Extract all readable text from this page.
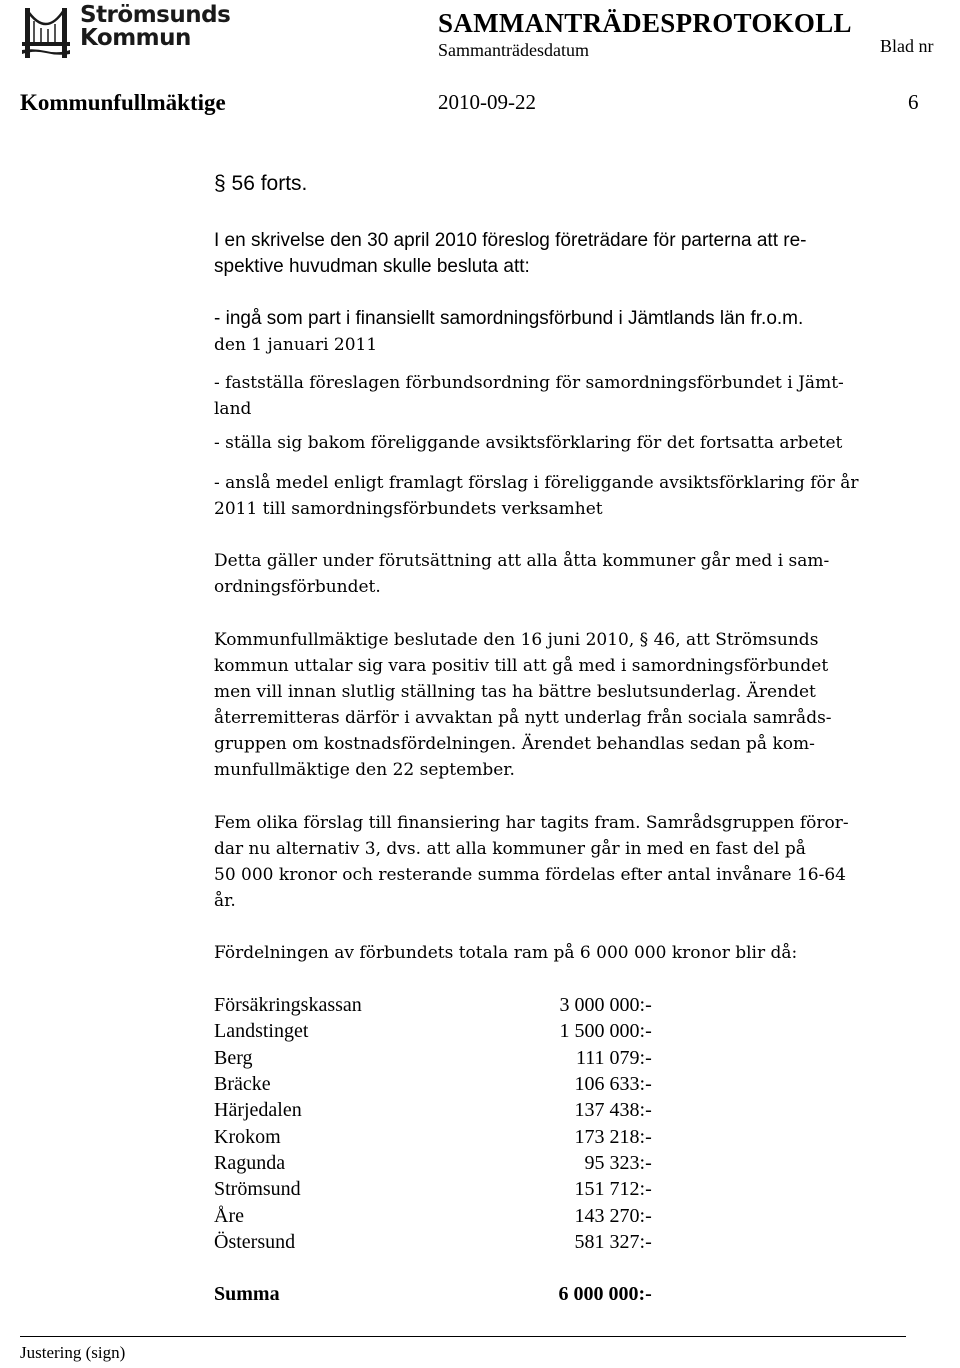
Strömsunds
Kommun	SAMMANTRÄDESPROTOKOLL
Sammanträdesdatum	Blad nr
Kommunfullmäktige	2010-09-22	6
§ 56 forts.

I en skrivelse den 30 april 2010 föreslog företrädare för parterna att re-

spektive huvudman skulle besluta att:

- ingå som part i finansiellt samordningsförbund i Jämtlands län fr.o.m.

den 1 januari 2011

- fastställa föreslagen förbundsordning för samordningsförbundet i Jämt-

land

- ställa sig bakom föreliggande avsiktsförklaring för det fortsatta arbetet

- anslå medel enligt framlagt förslag i föreliggande avsiktsförklaring för år

2011 till samordningsförbundets verksamhet

Detta gäller under förutsättning att alla åtta kommuner går med i sam-

ordningsförbundet.

Kommunfullmäktige beslutade den 16 juni 2010, § 46, att Strömsunds

kommun uttalar sig vara positiv till att gå med i samordningsförbundet

men vill innan slutlig ställning tas ha bättre beslutsunderlag. Ärendet

återremitteras därför i avvaktan på nytt underlag från sociala samråds-

gruppen om kostnadsfördelningen. Ärendet behandlas sedan på kom-

munfullmäktige den 22 september.

Fem olika förslag till finansiering har tagits fram. Samrådsgruppen föror-

dar nu alternativ 3, dvs. att alla kommuner går in med en fast del på

50 000 kronor och resterande summa fördelas efter antal invånare 16-64

år.

Fördelningen av förbundets totala ram på 6 000 000 kronor blir då:

Försäkringskassan	3 000 000:-
Landstinget	1 500 000:-
Berg	111 079:-
Bräcke	106 633:-
Härjedalen	137 438:-
Krokom	173 218:-
Ragunda	95 323:-
Strömsund	151 712:-
Åre	143 270:-
Östersund	581 327:-
Summa	6 000 000:-
Justering (sign)
